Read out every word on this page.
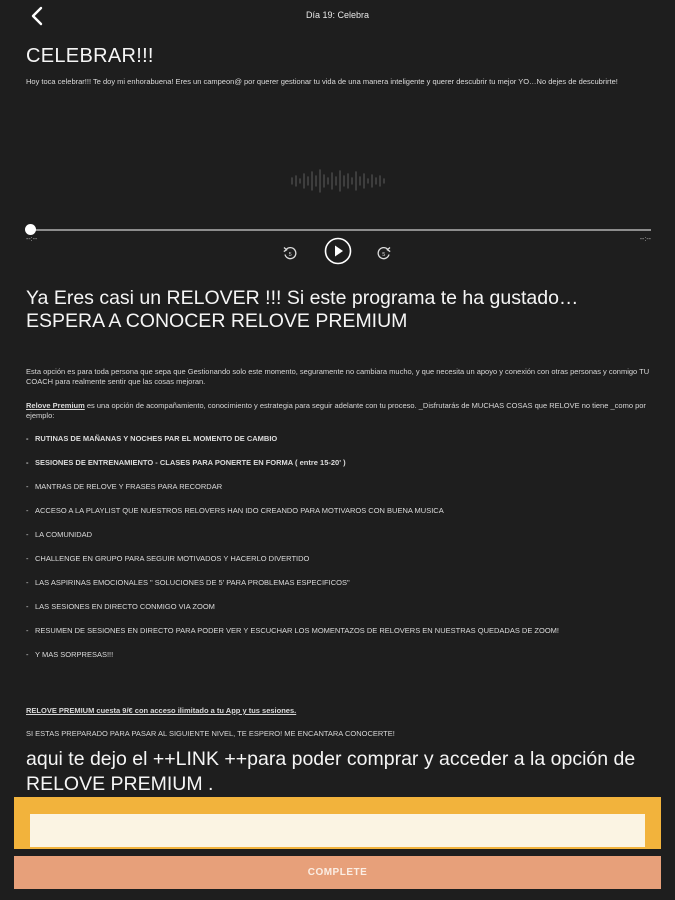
Día 19: Celebra
CELEBRAR!!!
Hoy toca celebrar!!! Te doy mi enhorabuena! Eres un campeon@ por querer gestionar tu vida de una manera inteligente y querer descubrir tu mejor YO…No dejes de descubrirte!
--:--	--:--
5	5
Ya Eres casi un RELOVER !!! Si este programa te ha gustado…ESPERA A CONOCER RELOVE PREMIUM
Esta opción es para toda persona que sepa que Gestionando solo este momento, seguramente no cambiara mucho, y que necesita un apoyo y conexión con otras personas y conmigo TU COACH para realmente sentir que las cosas mejoran.
Relove Premium es una opción de acompañamiento, conocimiento y estrategia para seguir adelante con tu proceso. _Disfrutarás de MUCHAS COSAS que RELOVE no tiene _como por ejemplo:
- RUTINAS DE MAÑANAS Y NOCHES PAR EL MOMENTO DE CAMBIO
- SESIONES DE ENTRENAMIENTO - CLASES PARA PONERTE EN FORMA ( entre 15-20' )
- MANTRAS DE RELOVE Y FRASES PARA RECORDAR
- ACCESO A LA PLAYLIST QUE NUESTROS RELOVERS HAN IDO CREANDO PARA MOTIVAROS CON BUENA MUSICA
- LA COMUNIDAD
- CHALLENGE EN GRUPO PARA SEGUIR MOTIVADOS Y HACERLO DIVERTIDO
- LAS ASPIRINAS EMOCIONALES " SOLUCIONES DE 5' PARA PROBLEMAS ESPECIFICOS"
- LAS SESIONES EN DIRECTO CONMIGO VIA ZOOM
- RESUMEN DE SESIONES EN DIRECTO PARA PODER VER Y ESCUCHAR LOS MOMENTAZOS DE RELOVERS EN NUESTRAS QUEDADAS DE ZOOM!
- Y MAS SORPRESAS!!!
RELOVE PREMIUM cuesta 9/€ con acceso ilimitado a tu App y tus sesiones.
SI ESTAS PREPARADO PARA PASAR AL SIGUIENTE NIVEL, TE ESPERO! ME ENCANTARA CONOCERTE!
aqui te dejo el ++LINK ++para poder comprar y acceder a la opción de RELOVE PREMIUM .
COMPLETE
